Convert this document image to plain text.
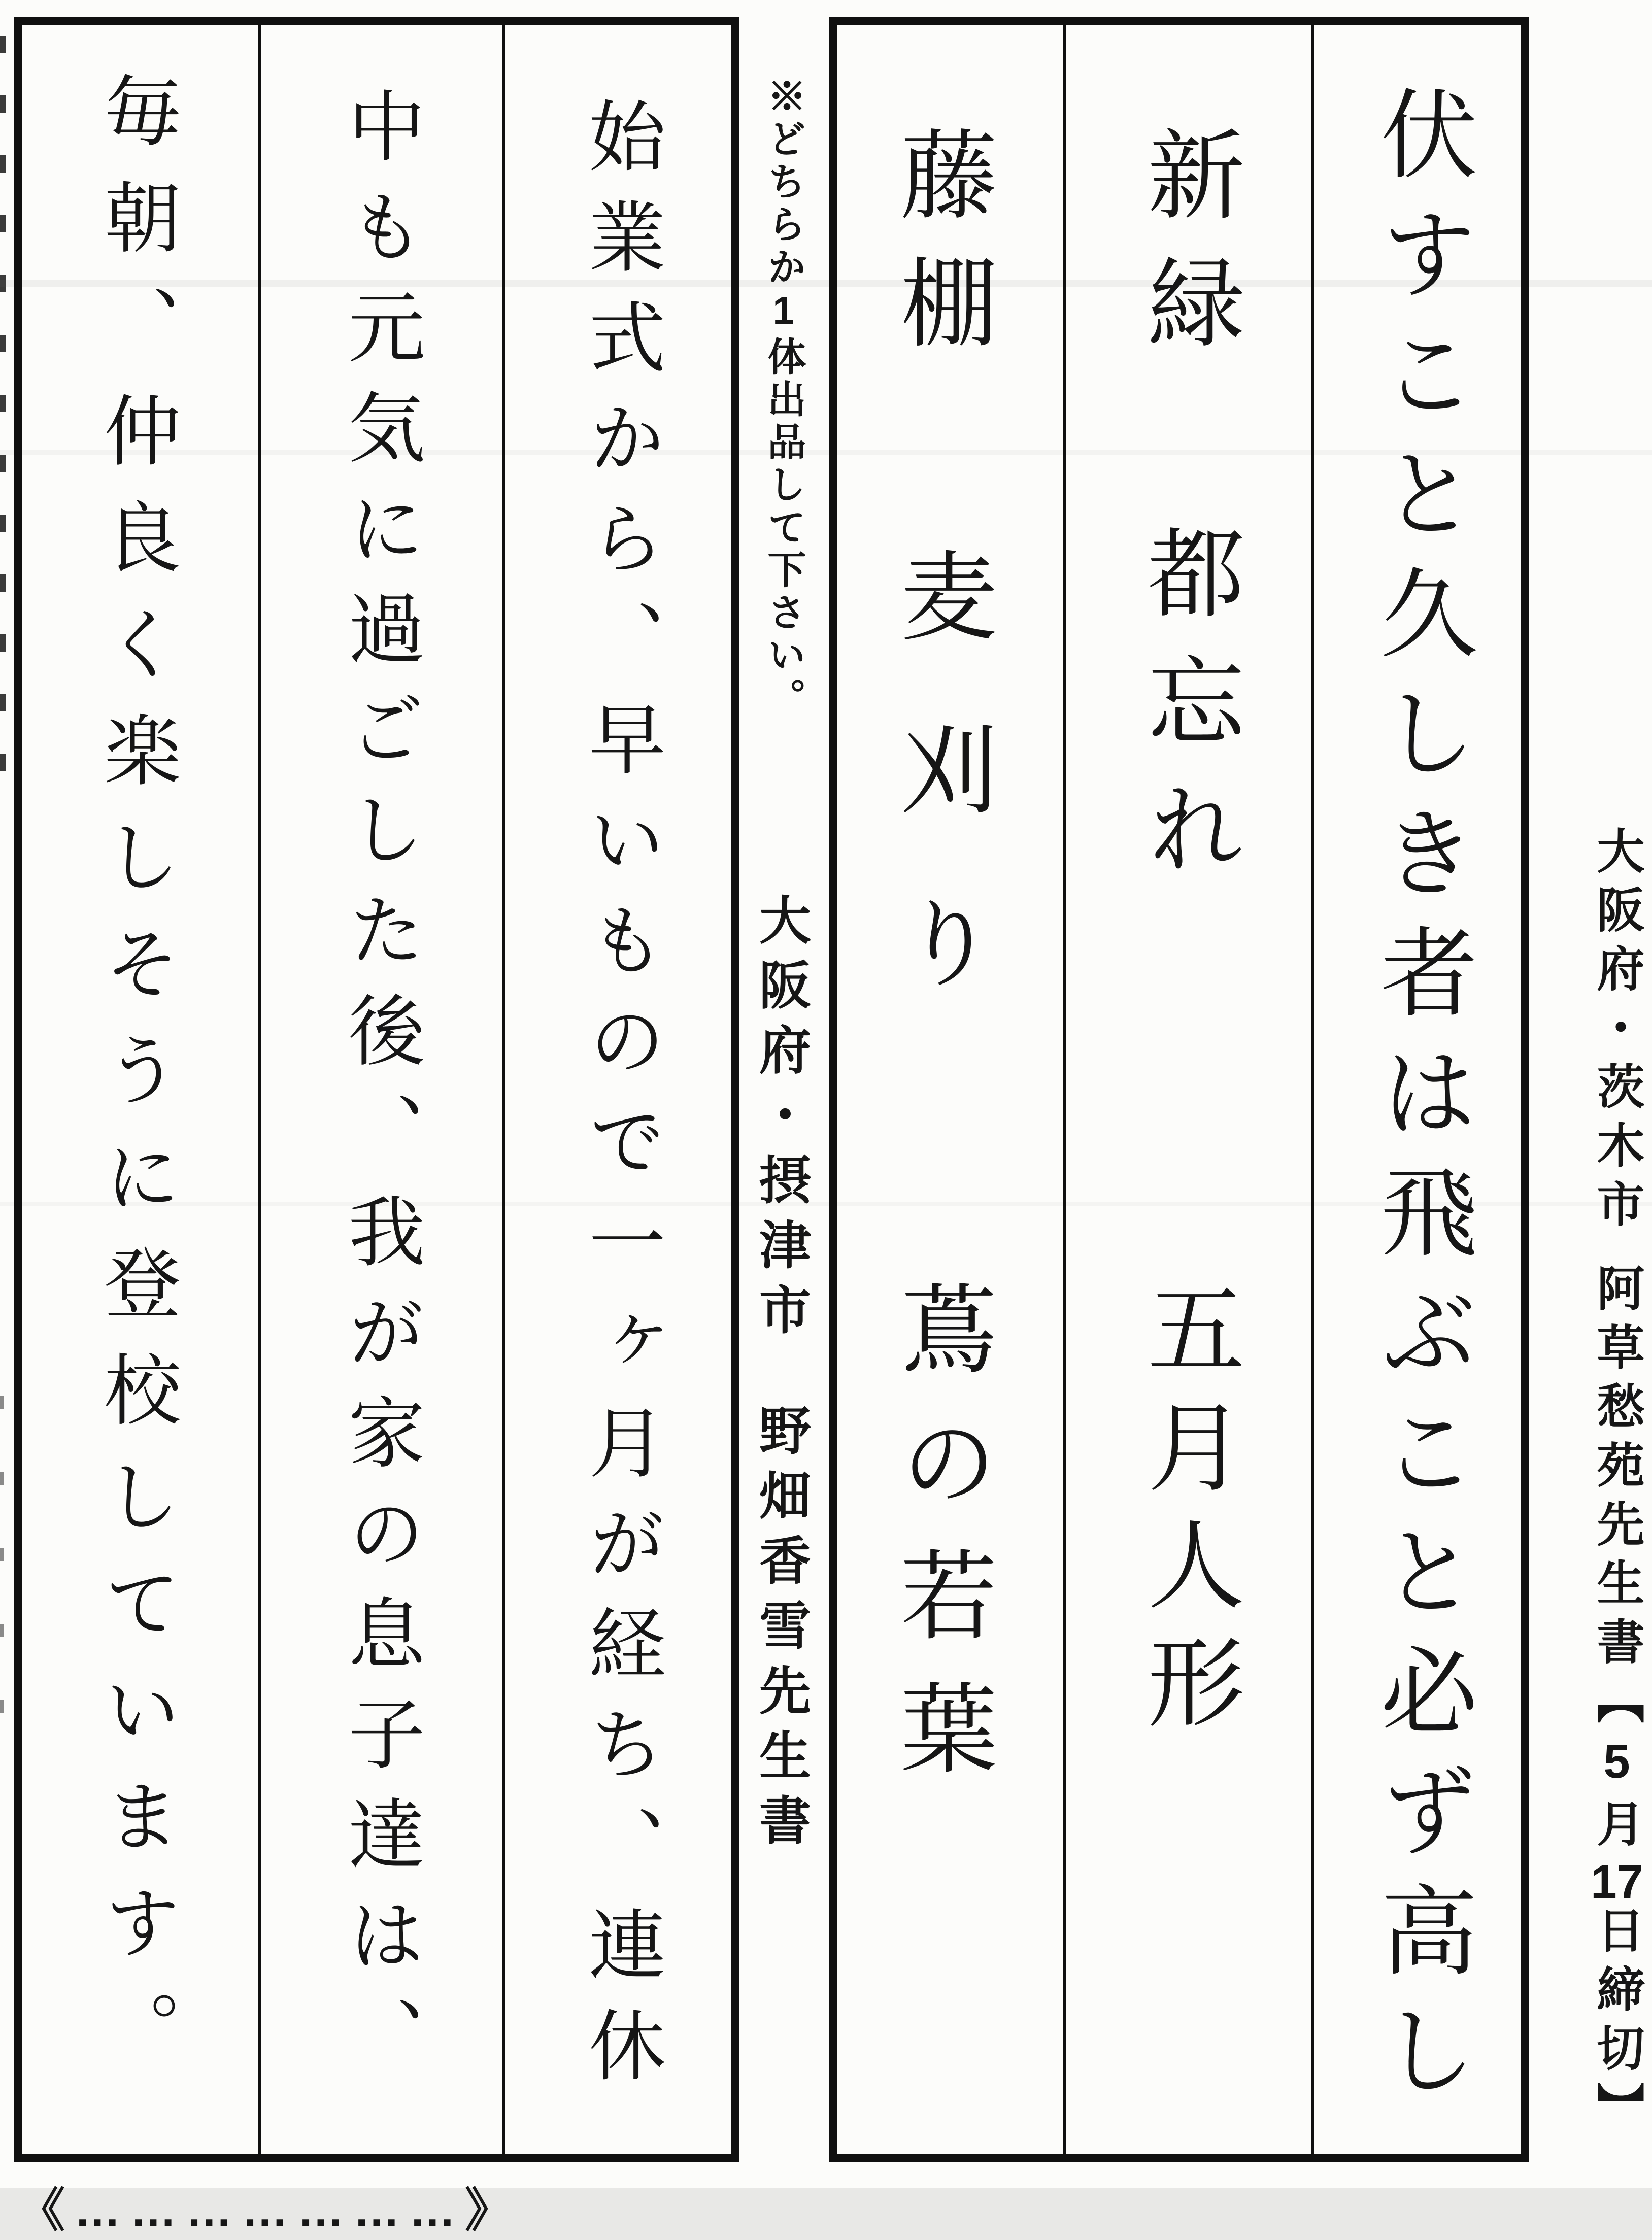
伏すこと久しき者は飛ぶこと必ず高し
新緑
都忘れ
五月人形
藤棚
麦刈り
蔦の若葉
大阪府・茨木市阿草愁苑先生書【5月17日締切】
※どちらか1体出品して下さい。
大阪府・摂津市野畑香雪先生書
始業式から、早いもので一ヶ月が経ち、連休
中も元気に過ごした後、我が家の息子達は、
毎朝、仲良く楽しそうに登校しています。
《…………………》
